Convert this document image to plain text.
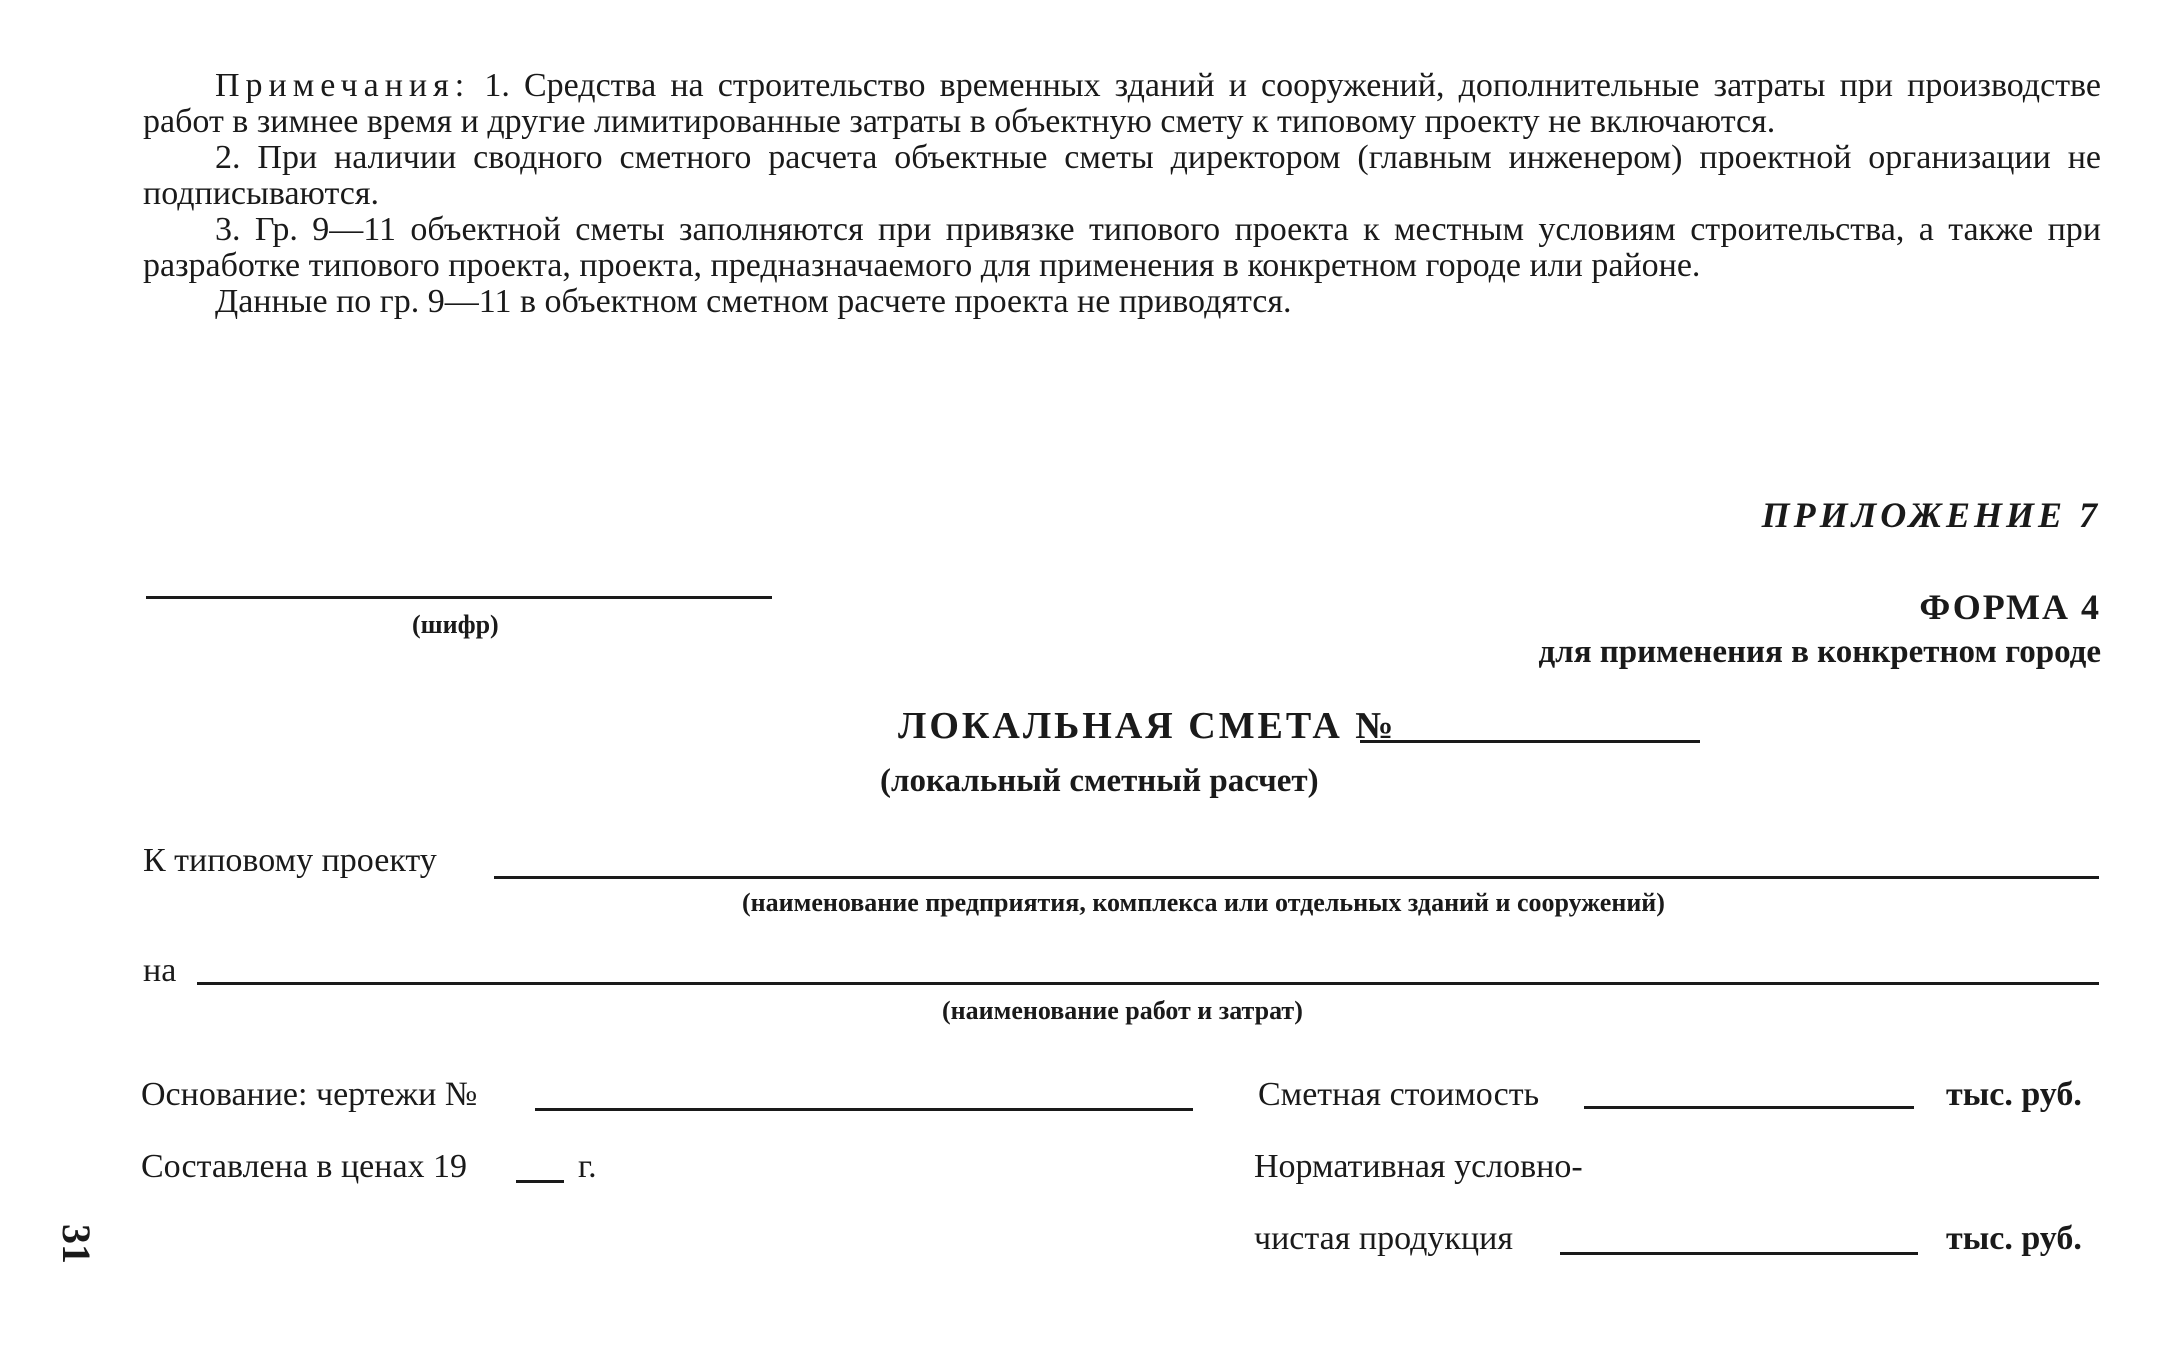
Примечания: 1. Средства на строительство временных зданий и сооружений, дополнительные затраты при производстве работ в зимнее время и другие лимитированные затраты в объектную смету к типовому проекту не включаются.

2. При наличии сводного сметного расчета объектные сметы директором (главным инженером) проектной организации не подписываются.

3. Гр. 9—11 объектной сметы заполняются при привязке типового проекта к местным условиям строительства, а также при разработке типового проекта, проекта, предназначаемого для применения в конкретном городе или районе.

Данные по гр. 9—11 в объектном сметном расчете проекта не приводятся.

ПРИЛОЖЕНИЕ 7
(шифр)	ФОРМА 4
для применения в конкретном городе
ЛОКАЛЬНАЯ СМЕТА №
(локальный сметный расчет)
К типовому проекту
(наименование предприятия, комплекса или отдельных зданий и сооружений)
на
(наименование работ и затрат)
Основание: чертежи №	Сметная стоимость	тыс. руб.
Составлена в ценах 19	г.	Нормативная условно-
чистая продукция	тыс. руб.
31
